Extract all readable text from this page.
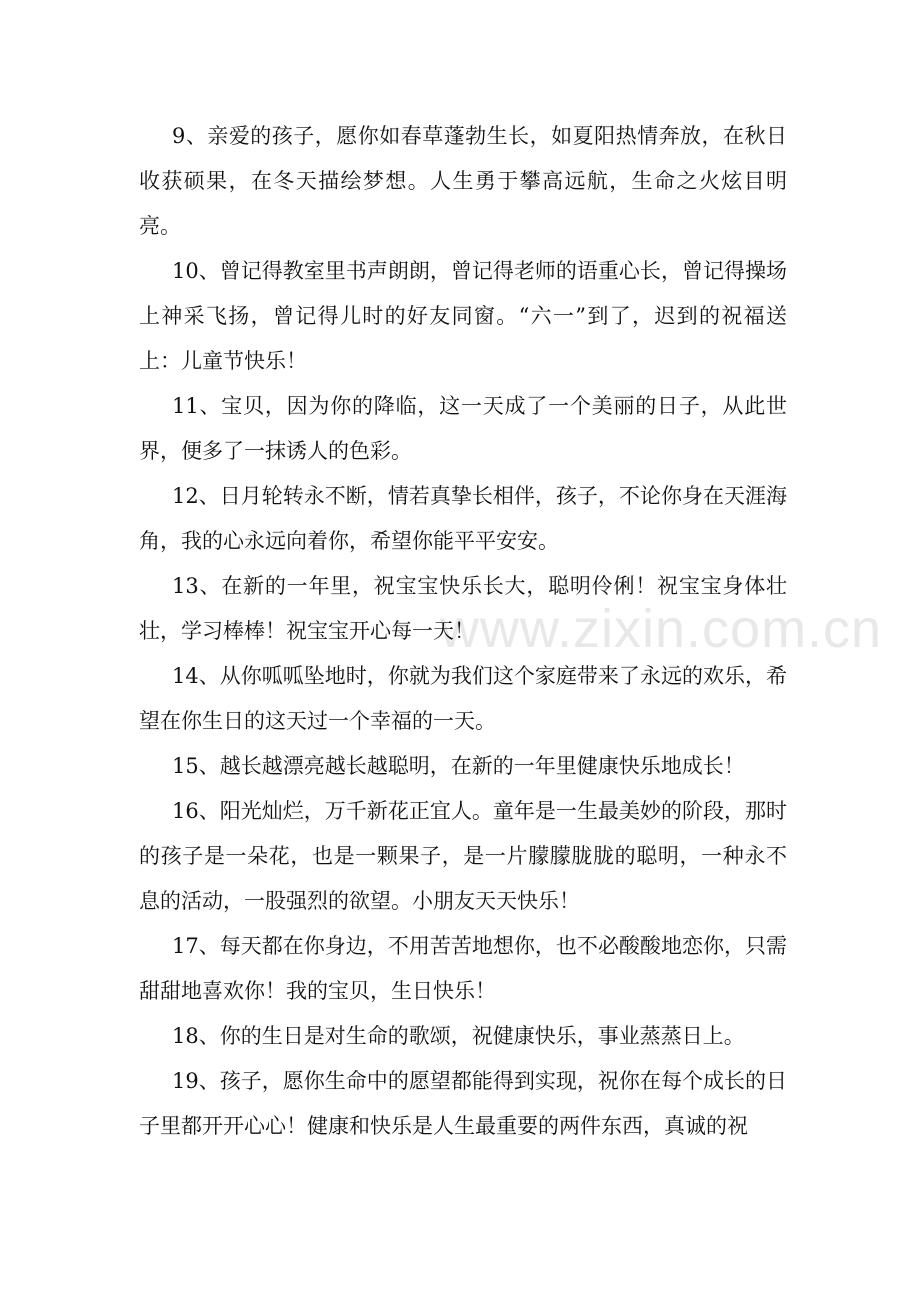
www.zixin.com.cn

9、亲爱的孩子，愿你如春草蓬勃生长，如夏阳热情奔放，在秋日收获硕果，在冬天描绘梦想。人生勇于攀高远航，生命之火炫目明亮。

10、曾记得教室里书声朗朗，曾记得老师的语重心长，曾记得操场上神采飞扬，曾记得儿时的好友同窗。“六一”到了，迟到的祝福送上：儿童节快乐！

11、宝贝，因为你的降临，这一天成了一个美丽的日子，从此世界，便多了一抹诱人的色彩。

12、日月轮转永不断，情若真挚长相伴，孩子，不论你身在天涯海角，我的心永远向着你，希望你能平平安安。

13、在新的一年里，祝宝宝快乐长大，聪明伶俐！祝宝宝身体壮壮，学习棒棒！祝宝宝开心每一天！

14、从你呱呱坠地时，你就为我们这个家庭带来了永远的欢乐，希望在你生日的这天过一个幸福的一天。

15、越长越漂亮越长越聪明，在新的一年里健康快乐地成长！

16、阳光灿烂，万千新花正宜人。童年是一生最美妙的阶段，那时的孩子是一朵花，也是一颗果子，是一片朦朦胧胧的聪明，一种永不息的活动，一股强烈的欲望。小朋友天天快乐！

17、每天都在你身边，不用苦苦地想你，也不必酸酸地恋你，只需甜甜地喜欢你！我的宝贝，生日快乐！

18、你的生日是对生命的歌颂，祝健康快乐，事业蒸蒸日上。

19、孩子，愿你生命中的愿望都能得到实现，祝你在每个成长的日子里都开开心心！健康和快乐是人生最重要的两件东西，真诚的祝
